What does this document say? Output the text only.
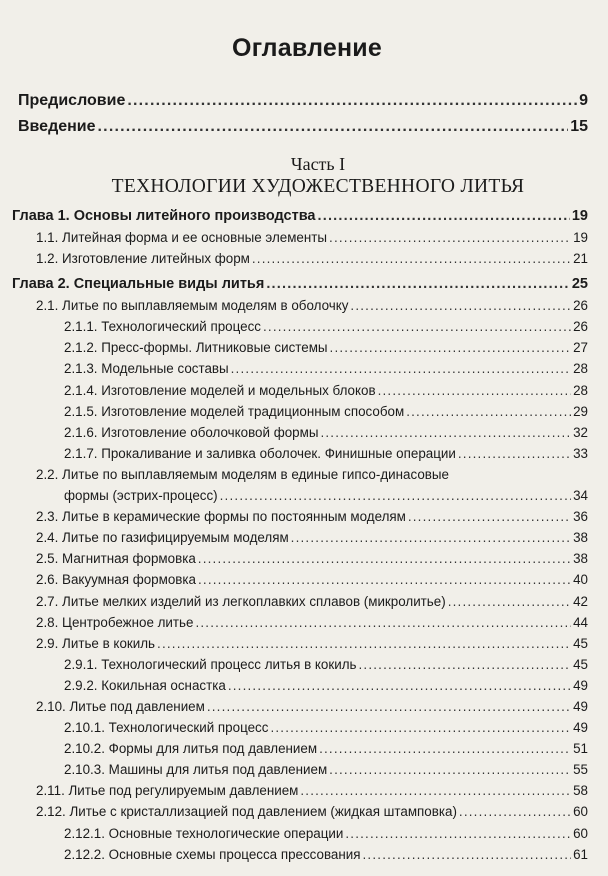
Оглавление
Предисловие .....	9
Введение .....	15
Часть I
ТЕХНОЛОГИИ ХУДОЖЕСТВЕННОГО ЛИТЬЯ
Глава 1. Основы литейного производства .....	19
1.1. Литейная форма и ее основные элементы .....	19
1.2. Изготовление литейных форм .....	21
Глава 2. Специальные виды литья .....	25
2.1. Литье по выплавляемым моделям в оболочку .....	26
2.1.1. Технологический процесс .....	26
2.1.2. Пресс-формы. Литниковые системы .....	27
2.1.3. Модельные составы .....	28
2.1.4. Изготовление моделей и модельных блоков .....	28
2.1.5. Изготовление моделей традиционным способом .....	29
2.1.6. Изготовление оболочковой формы .....	32
2.1.7. Прокаливание и заливка оболочек. Финишные операции .....	33
2.2. Литье по выплавляемым моделям в единые гипсо-динасовые
формы (эстрих-процесс) .....	34
2.3. Литье в керамические формы по постоянным моделям .....	36
2.4. Литье по газифицируемым моделям .....	38
2.5. Магнитная формовка .....	38
2.6. Вакуумная формовка .....	40
2.7. Литье мелких изделий из легкоплавких сплавов (микролитье) .....	42
2.8. Центробежное литье .....	44
2.9. Литье в кокиль .....	45
2.9.1. Технологический процесс литья в кокиль .....	45
2.9.2. Кокильная оснастка .....	49
2.10. Литье под давлением .....	49
2.10.1. Технологический процесс .....	49
2.10.2. Формы для литья под давлением .....	51
2.10.3. Машины для литья под давлением .....	55
2.11. Литье под регулируемым давлением .....	58
2.12. Литье с кристаллизацией под давлением (жидкая штамповка) .....	60
2.12.1. Основные технологические операции .....	60
2.12.2. Основные схемы процесса прессования .....	61
